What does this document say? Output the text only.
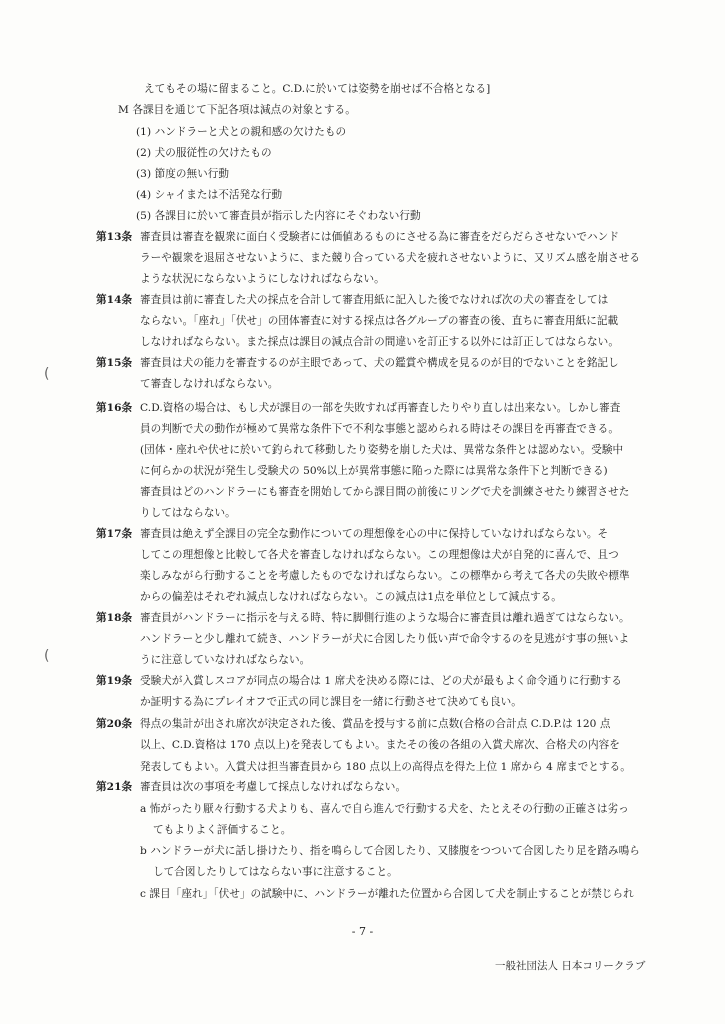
えてもその場に留まること。C.D.に於いては姿勢を崩せば不合格となる]
M 各課目を通じて下記各項は減点の対象とする。
(1) ハンドラーと犬との親和感の欠けたもの
(2) 犬の服従性の欠けたもの
(3) 節度の無い行動
(4) シャイまたは不活発な行動
(5) 各課目に於いて審査員が指示した内容にそぐわない行動
第13条 審査員は審査を観衆に面白く受験者には価値あるものにさせる為に審査をだらだらさせないでハンド
ラーや観衆を退屈させないように、また競り合っている犬を疲れさせないように、又リズム感を崩させる
ような状況にならないようにしなければならない。
第14条 審査員は前に審査した犬の採点を合計して審査用紙に記入した後でなければ次の犬の審査をしては
ならない。「座れ」「伏せ」の団体審査に対する採点は各グループの審査の後、直ちに審査用紙に記載
しなければならない。また採点は課目の減点合計の間違いを訂正する以外には訂正してはならない。
第15条 審査員は犬の能力を審査するのが主眼であって、犬の鑑賞や構成を見るのが目的でないことを銘記し
て審査しなければならない。
(
第16条 C.D.資格の場合は、もし犬が課目の一部を失敗すれば再審査したりやり直しは出来ない。しかし審査
員の判断で犬の動作が極めて異常な条件下で不利な事態と認められる時はその課目を再審査できる。
(団体・座れや伏せに於いて釣られて移動したり姿勢を崩した犬は、異常な条件とは認めない。受験中
に何らかの状況が発生し受験犬の 50%以上が異常事態に陥った際には異常な条件下と判断できる)
審査員はどのハンドラーにも審査を開始してから課目間の前後にリングで犬を訓練させたり練習させた
りしてはならない。
第17条 審査員は絶えず全課目の完全な動作についての理想像を心の中に保持していなければならない。そ
してこの理想像と比較して各犬を審査しなければならない。この理想像は犬が自発的に喜んで、且つ
楽しみながら行動することを考慮したものでなければならない。この標準から考えて各犬の失敗や標準
からの偏差はそれぞれ減点しなければならない。この減点は1点を単位として減点する。
第18条 審査員がハンドラーに指示を与える時、特に脚側行進のような場合に審査員は離れ過ぎてはならない。
ハンドラーと少し離れて続き、ハンドラーが犬に合図したり低い声で命令するのを見逃がす事の無いよ
うに注意していなければならない。
(
第19条 受験犬が入賞しスコアが同点の場合は 1 席犬を決める際には、どの犬が最もよく命令通りに行動する
か証明する為にプレイオフで正式の同じ課目を一緒に行動させて決めても良い。
第20条 得点の集計が出され席次が決定された後、賞品を授与する前に点数(合格の合計点 C.D.P.は 120 点
以上、C.D.資格は 170 点以上)を発表してもよい。またその後の各組の入賞犬席次、合格犬の内容を
発表してもよい。入賞犬は担当審査員から 180 点以上の高得点を得た上位 1 席から 4 席までとする。
第21条 審査員は次の事項を考慮して採点しなければならない。
a 怖がったり厭々行動する犬よりも、喜んで自ら進んで行動する犬を、たとえその行動の正確さは劣っ
てもよりよく評価すること。
b ハンドラーが犬に話し掛けたり、指を鳴らして合図したり、又膝腹をつついて合図したり足を踏み鳴ら
して合図したりしてはならない事に注意すること。
c 課目「座れ」「伏せ」の試験中に、ハンドラーが離れた位置から合図して犬を制止することが禁じられ
- 7 -
一般社団法人 日本コリークラブ
